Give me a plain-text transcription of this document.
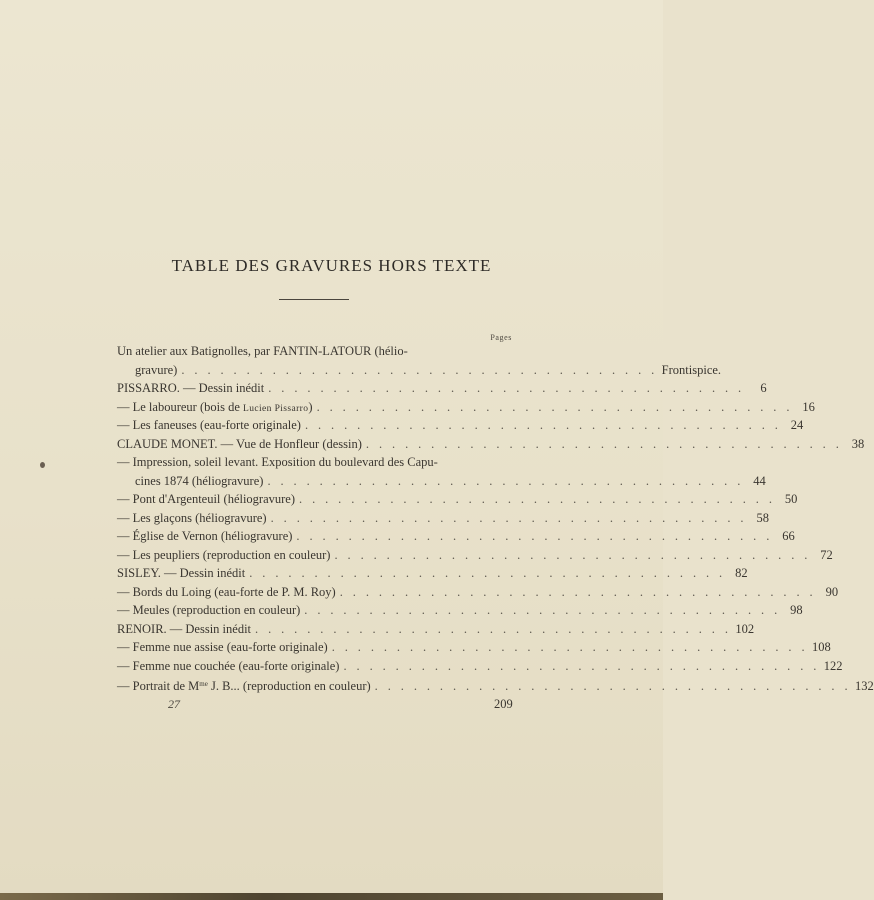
TABLE DES GRAVURES HORS TEXTE
Pages
Un atelier aux Batignolles, par FANTIN-LATOUR (hélio-
gravure) . . . . . . . . . . . . . . . . . . . . . . . . . . . . . . . . . . . . . Frontispice.
PISSARRO. — Dessin inédit . . . . . . . . . . . . . . . . . . . . . . . . . . . . . . . . . . . . .	6
— Le laboureur (bois de Lucien Pissarro) . . . . . . . . . . . . . . . . . . . . . . . . . . . . . . . . . . . . . 16
— Les faneuses (eau-forte originale) . . . . . . . . . . . . . . . . . . . . . . . . . . . . . . . . . . . . . 24
CLAUDE MONET. — Vue de Honfleur (dessin) . . . . . . . . . . . . . . . . . . . . . . . . . . . . . . . . . . . . . 38
— Impression, soleil levant. Exposition du boulevard des Capu-
cines 1874 (héliogravure) . . . . . . . . . . . . . . . . . . . . . . . . . . . . . . . . . . . . . 44
— Pont d'Argenteuil (héliogravure) . . . . . . . . . . . . . . . . . . . . . . . . . . . . . . . . . . . . . 50
— Les glaçons (héliogravure) . . . . . . . . . . . . . . . . . . . . . . . . . . . . . . . . . . . . . 58
— Église de Vernon (héliogravure) . . . . . . . . . . . . . . . . . . . . . . . . . . . . . . . . . . . . . 66
— Les peupliers (reproduction en couleur) . . . . . . . . . . . . . . . . . . . . . . . . . . . . . . . . . . . . . 72
SISLEY. — Dessin inédit . . . . . . . . . . . . . . . . . . . . . . . . . . . . . . . . . . . . . 82
— Bords du Loing (eau-forte de P. M. Roy) . . . . . . . . . . . . . . . . . . . . . . . . . . . . . . . . . . . . . 90
— Meules (reproduction en couleur) . . . . . . . . . . . . . . . . . . . . . . . . . . . . . . . . . . . . . 98
RENOIR. — Dessin inédit . . . . . . . . . . . . . . . . . . . . . . . . . . . . . . . . . . . . . 102
— Femme nue assise (eau-forte originale) . . . . . . . . . . . . . . . . . . . . . . . . . . . . . . . . . . . . . 108
— Femme nue couchée (eau-forte originale) . . . . . . . . . . . . . . . . . . . . . . . . . . . . . . . . . . . . . 122
— Portrait de $M^{me}$ J. B... (reproduction en couleur) . . . . . . . . . . . . . . . . . . . . . . . . . . . . . . . . . . . . . 132
27	209
